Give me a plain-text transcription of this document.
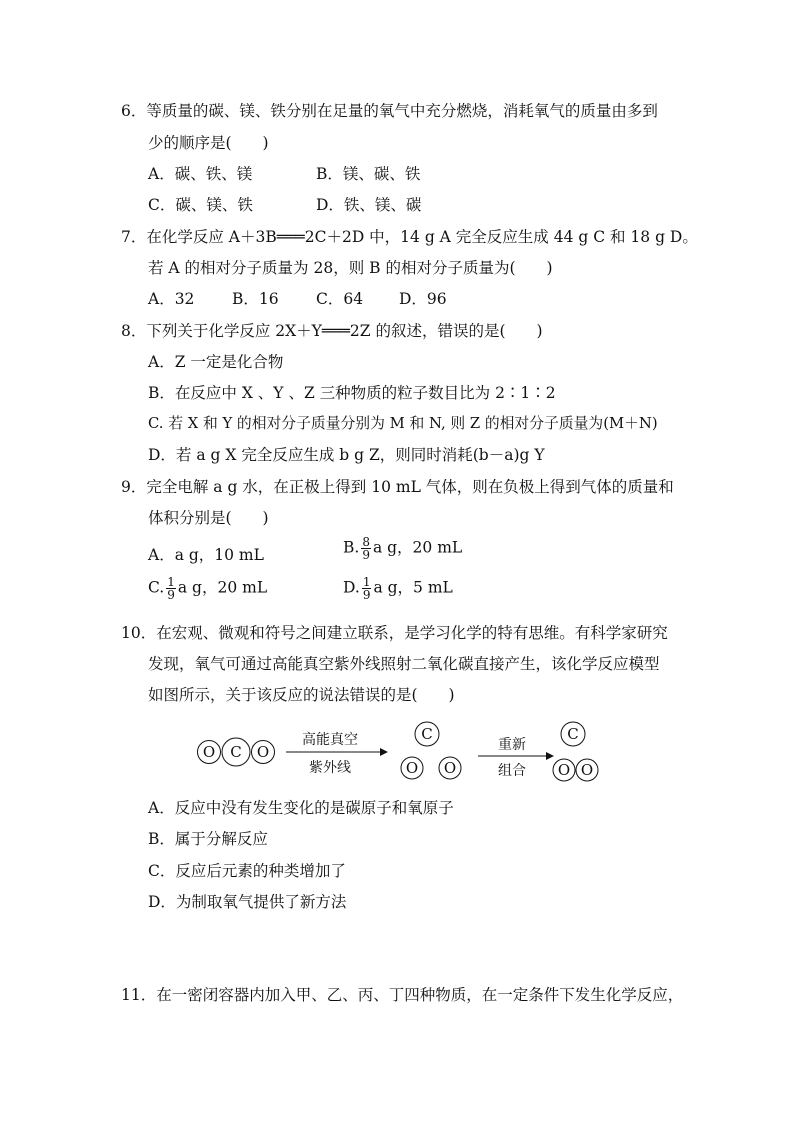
6．等质量的碳、镁、铁分别在足量的氧气中充分燃烧，消耗氧气的质量由多到
少的顺序是(　　)
A．碳、铁、镁	B．镁、碳、铁
C．碳、镁、铁	D．铁、镁、碳
7．在化学反应 A＋3B═══2C＋2D 中，14 g A 完全反应生成 44 g C 和 18 g D。
若 A 的相对分子质量为 28，则 B 的相对分子质量为(　　)
A．32 B．16 C．64 D．96
8．下列关于化学反应 2X＋Y═══2Z 的叙述，错误的是(　　)
A．Z 一定是化合物
B．在反应中 X 、Y 、Z 三种物质的粒子数目比为 2∶1∶2
C. 若 X 和 Y 的相对分子质量分别为 M 和 N, 则 Z 的相对分子质量为(M＋N)
D．若 a g X 完全反应生成 b g Z，则同时消耗(b－a)g Y
9．完全电解 a g 水，在正极上得到 10 mL 气体，则在负极上得到气体的质量和
体积分别是(　　)
A．a g，10 mL	B. $\frac{8}{9}$ a g，20 mL
C. $\frac{1}{9}$ a g，20 mL	D. $\frac{1}{9}$ a g，5 mL
10．在宏观、微观和符号之间建立联系，是学习化学的特有思维。有科学家研究
发现，氧气可通过高能真空紫外线照射二氧化碳直接产生，该化学反应模型
如图所示，关于该反应的说法错误的是(　　)
O C O
C
O O
C
O O
高能真空
紫外线
重新
组合
A．反应中没有发生变化的是碳原子和氧原子
B．属于分解反应
C．反应后元素的种类增加了
D．为制取氧气提供了新方法
11．在一密闭容器内加入甲、乙、丙、丁四种物质，在一定条件下发生化学反应，
